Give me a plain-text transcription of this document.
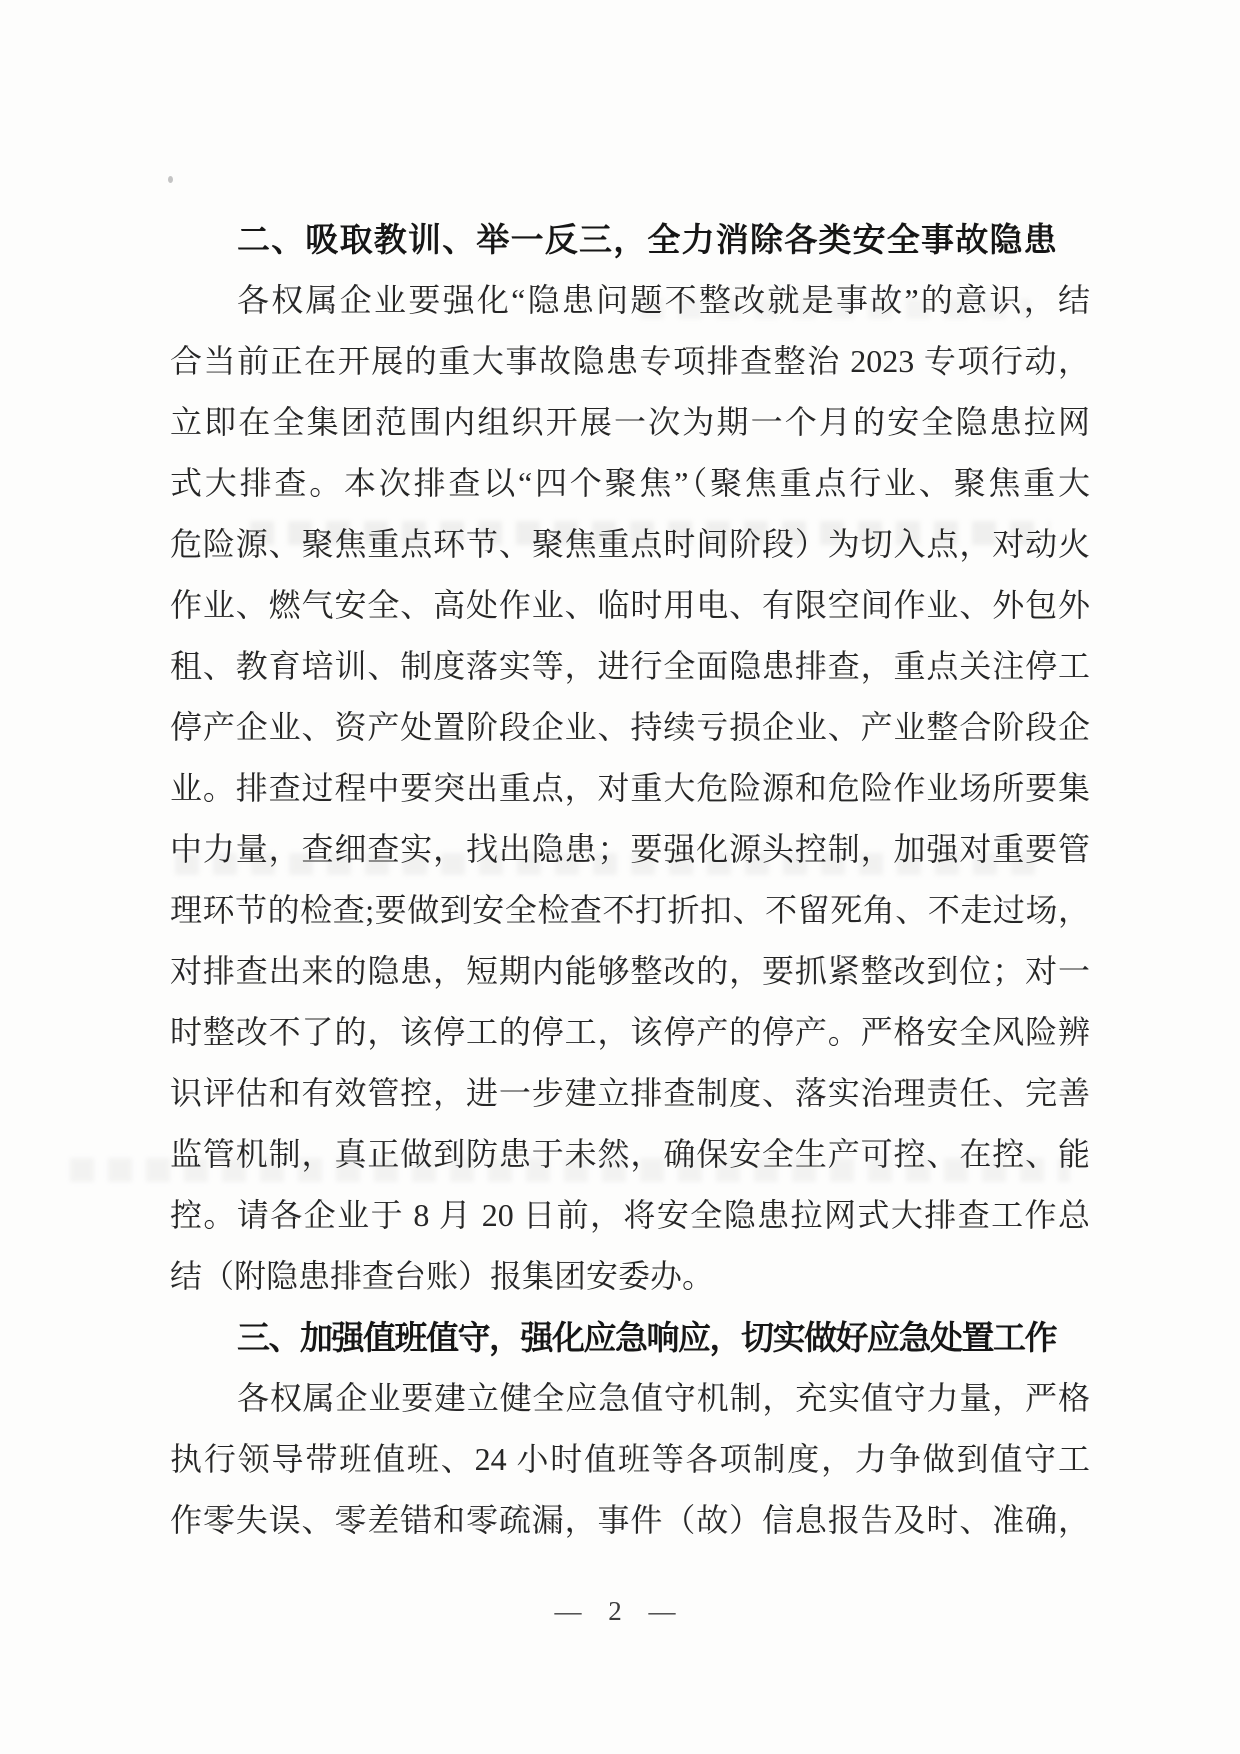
二、吸取教训、举一反三，全力消除各类安全事故隐患
各权属企业要强化“隐患问题不整改就是事故”的意识，结
合当前正在开展的重大事故隐患专项排查整治 2023 专项行动，
立即在全集团范围内组织开展一次为期一个月的安全隐患拉网
式大排查。本次排查以“四个聚焦”（聚焦重点行业、聚焦重大
危险源、聚焦重点环节、聚焦重点时间阶段）为切入点，对动火
作业、燃气安全、高处作业、临时用电、有限空间作业、外包外
租、教育培训、制度落实等，进行全面隐患排查，重点关注停工
停产企业、资产处置阶段企业、持续亏损企业、产业整合阶段企
业。排查过程中要突出重点，对重大危险源和危险作业场所要集
中力量，查细查实，找出隐患；要强化源头控制，加强对重要管
理环节的检查;要做到安全检查不打折扣、不留死角、不走过场，
对排查出来的隐患，短期内能够整改的，要抓紧整改到位；对一
时整改不了的，该停工的停工，该停产的停产。严格安全风险辨
识评估和有效管控，进一步建立排查制度、落实治理责任、完善
监管机制，真正做到防患于未然，确保安全生产可控、在控、能
控。请各企业于 8 月 20 日前，将安全隐患拉网式大排查工作总
结（附隐患排查台账）报集团安委办。
三、加强值班值守，强化应急响应，切实做好应急处置工作
各权属企业要建立健全应急值守机制，充实值守力量，严格
执行领导带班值班、24 小时值班等各项制度，力争做到值守工
作零失误、零差错和零疏漏，事件（故）信息报告及时、准确，
— 2 —
